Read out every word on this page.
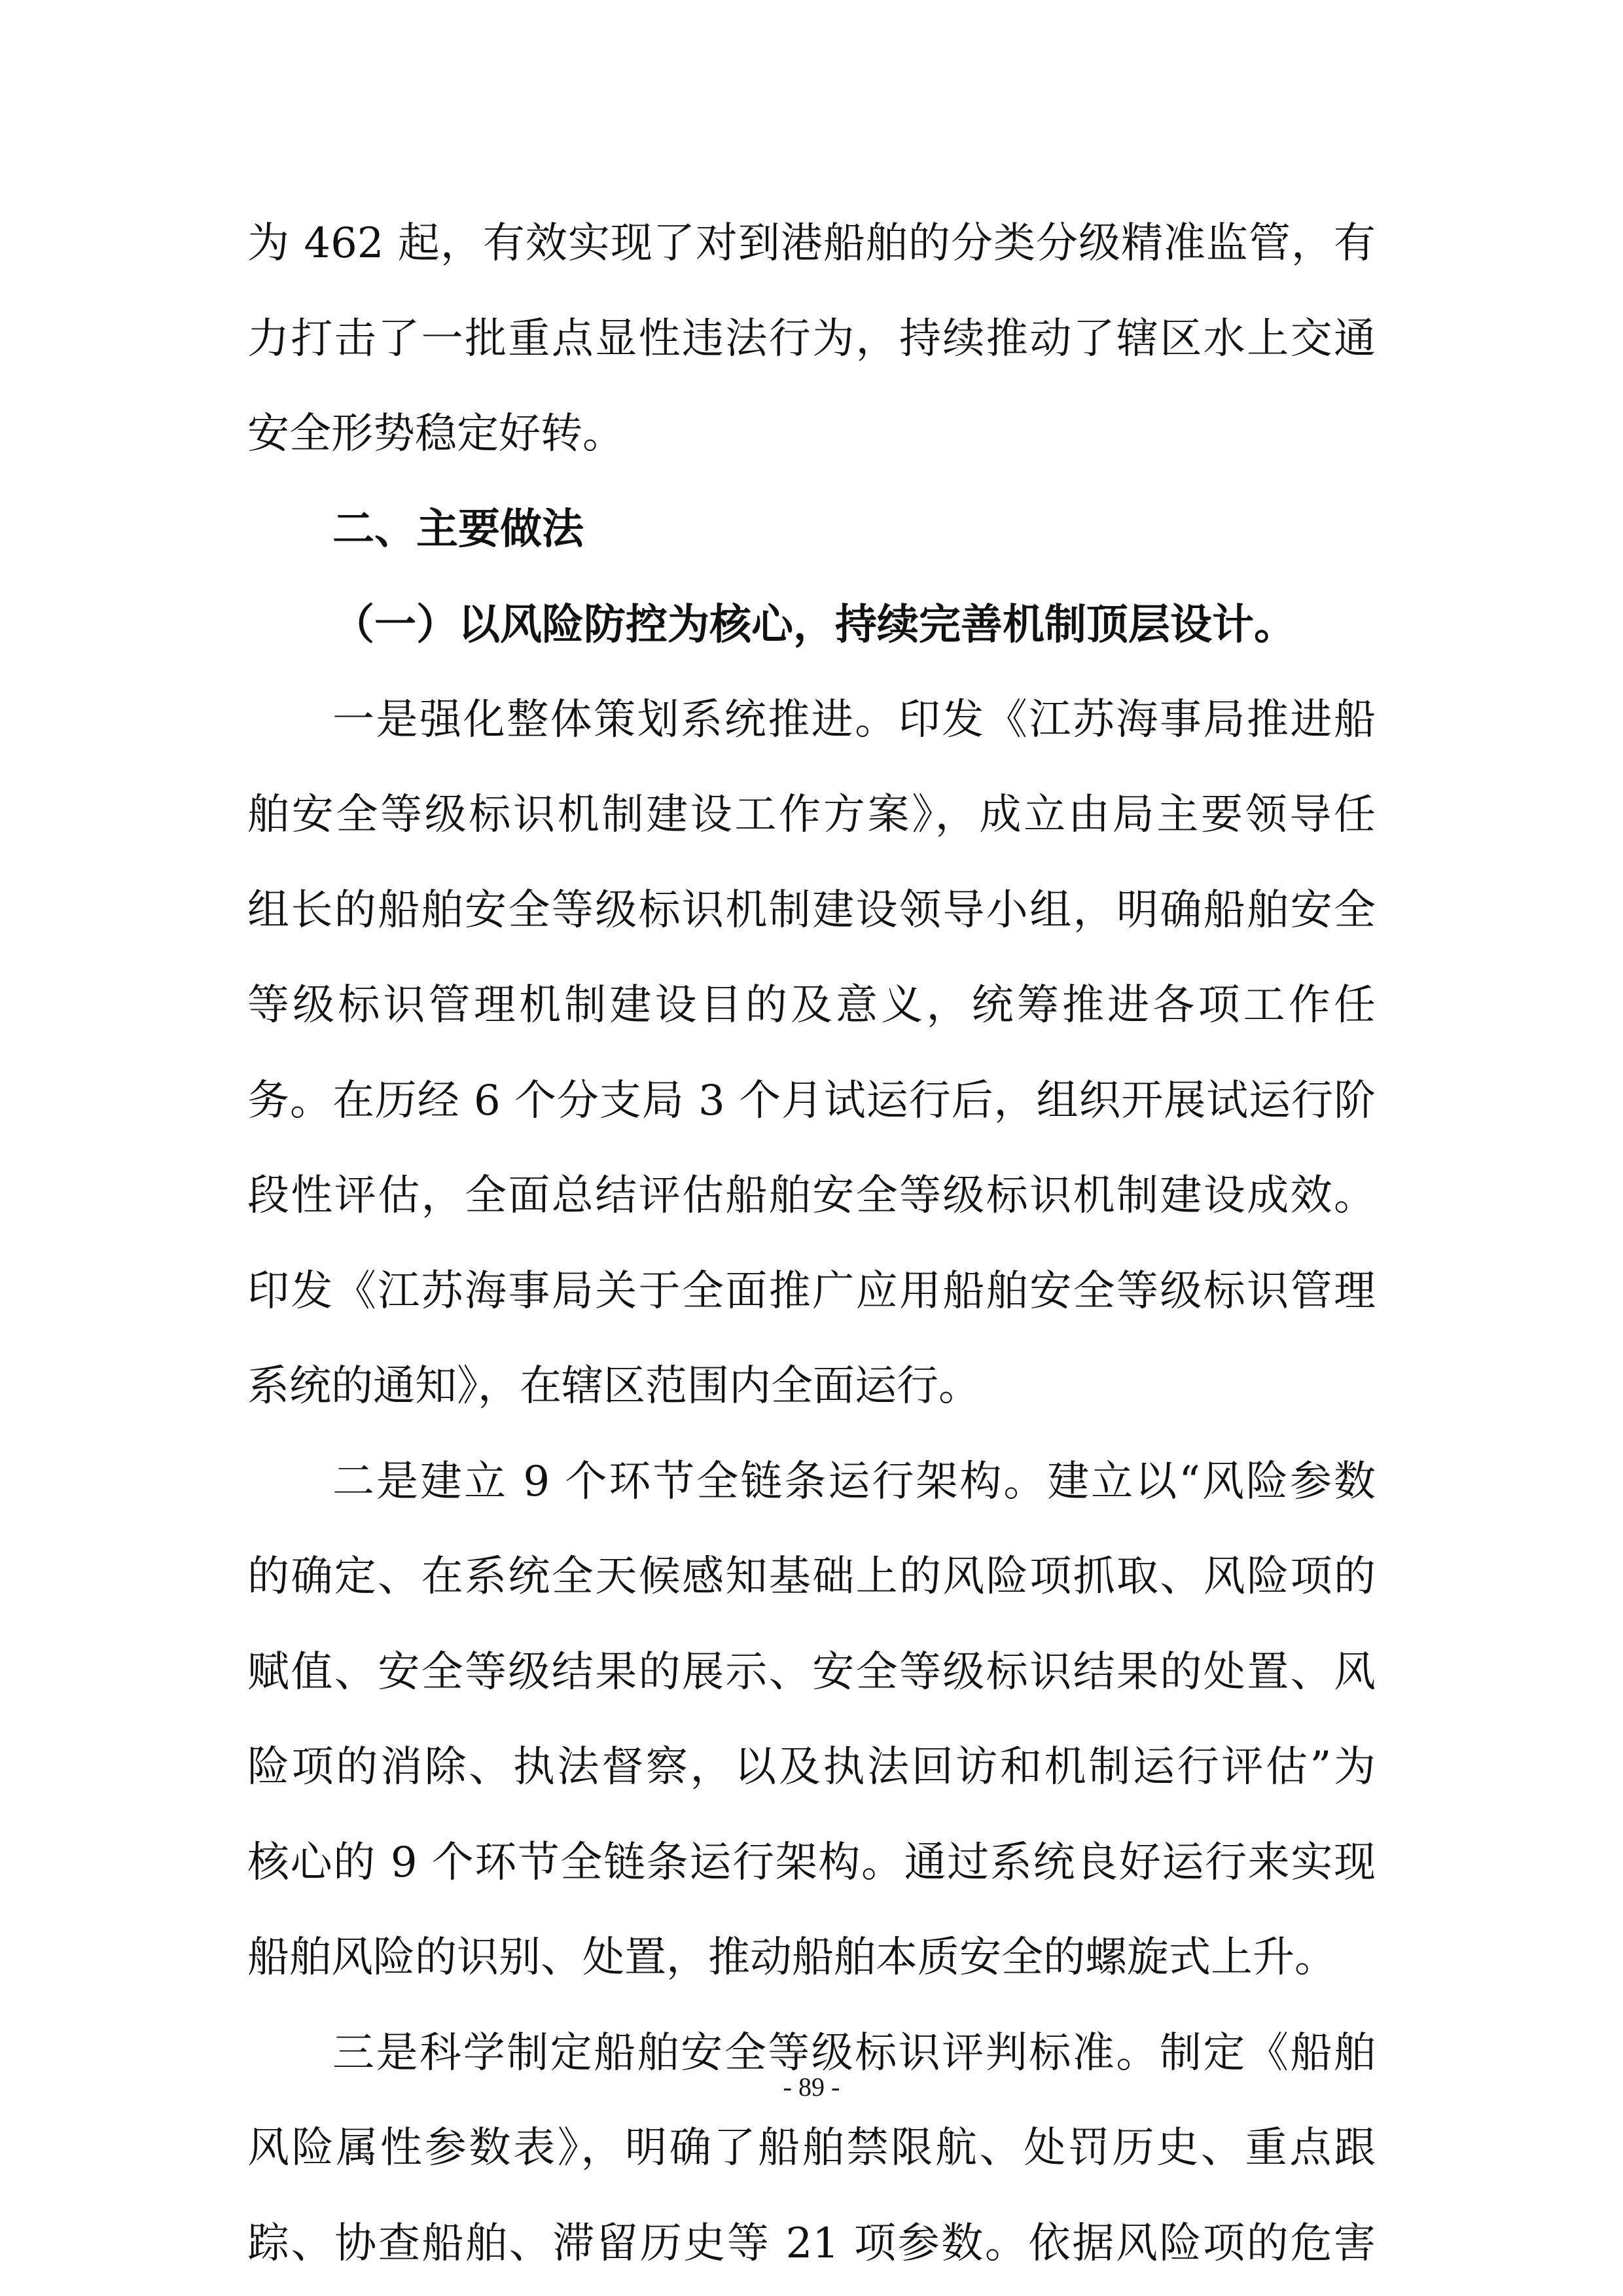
为 462 起，有效实现了对到港船舶的分类分级精准监管，有
力打击了一批重点显性违法行为，持续推动了辖区水上交通
安全形势稳定好转。
二、主要做法
（一）以风险防控为核心，持续完善机制顶层设计。
一是强化整体策划系统推进。印发《江苏海事局推进船
舶安全等级标识机制建设工作方案》，成立由局主要领导任
组长的船舶安全等级标识机制建设领导小组，明确船舶安全
等级标识管理机制建设目的及意义，统筹推进各项工作任
务。在历经 6 个分支局 3 个月试运行后，组织开展试运行阶
段性评估，全面总结评估船舶安全等级标识机制建设成效。
印发《江苏海事局关于全面推广应用船舶安全等级标识管理
系统的通知》，在辖区范围内全面运行。
二是建立 9 个环节全链条运行架构。建立以“风险参数
的确定、在系统全天候感知基础上的风险项抓取、风险项的
赋值、安全等级结果的展示、安全等级标识结果的处置、风
险项的消除、执法督察，以及执法回访和机制运行评估”为
核心的 9 个环节全链条运行架构。通过系统良好运行来实现
船舶风险的识别、处置，推动船舶本质安全的螺旋式上升。
三是科学制定船舶安全等级标识评判标准。制定《船舶
风险属性参数表》，明确了船舶禁限航、处罚历史、重点跟
踪、协查船舶、滞留历史等 21 项参数。依据风险项的危害
- 89 -
